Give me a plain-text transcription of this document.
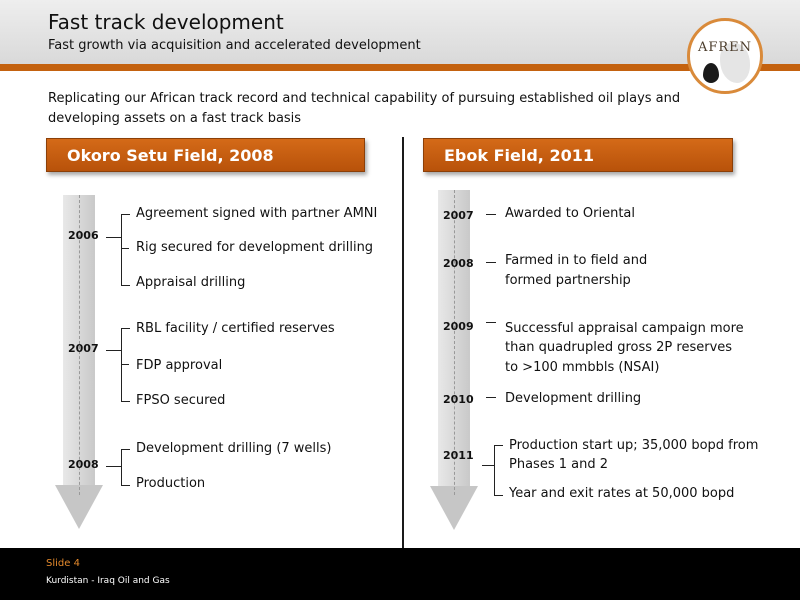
Fast track development
Fast growth via acquisition and accelerated development	AFREN
Replicating our African track record and technical capability of pursuing established oil plays and developing assets on a fast track basis
Okoro Setu Field, 2008	Ebok Field, 2011
2006
2007
2008
Agreement signed with partner AMNI
Rig secured for development drilling
Appraisal drilling
RBL facility / certified reserves
FDP approval
FPSO secured
Development drilling (7 wells)
Production
2007
2008
2009
2010
2011
Awarded to Oriental
Farmed in to field and
formed partnership
Successful appraisal campaign more
than quadrupled gross 2P reserves
to >100 mmbbls (NSAI)
Development drilling
Production start up; 35,000 bopd from
Phases 1 and 2
Year and exit rates at 50,000 bopd
Slide 4
Kurdistan - Iraq Oil and Gas
